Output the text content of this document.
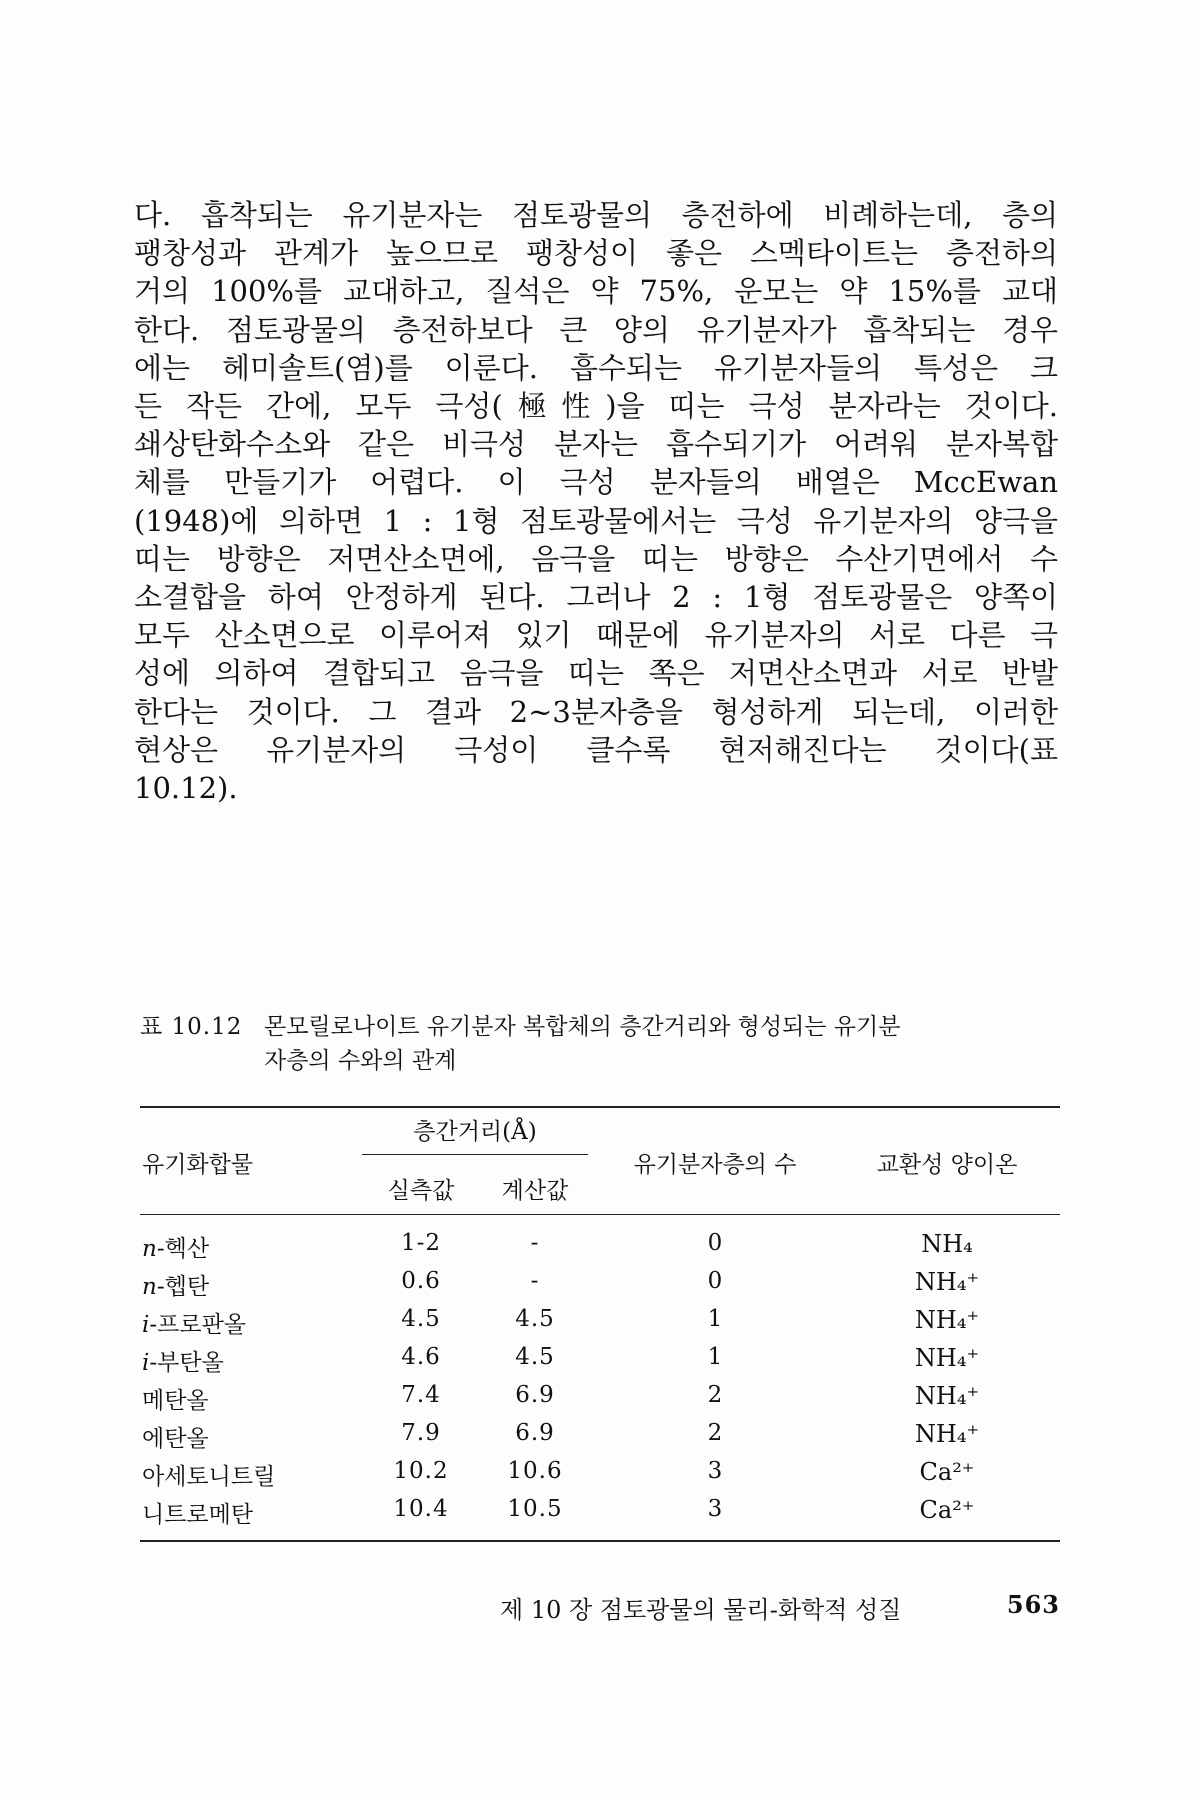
다. 흡착되는 유기분자는 점토광물의 층전하에 비례하는데, 층의
팽창성과 관계가 높으므로 팽창성이 좋은 스멕타이트는 층전하의
거의 100%를 교대하고, 질석은 약 75%, 운모는 약 15%를 교대
한다. 점토광물의 층전하보다 큰 양의 유기분자가 흡착되는 경우
에는 헤미솔트(염)를 이룬다. 흡수되는 유기분자들의 특성은 크
든 작든 간에, 모두 극성(極性)을 띠는 극성 분자라는 것이다.
쇄상탄화수소와 같은 비극성 분자는 흡수되기가 어려워 분자복합
체를 만들기가 어렵다. 이 극성 분자들의 배열은 MccEwan
(1948)에 의하면 1 : 1형 점토광물에서는 극성 유기분자의 양극을
띠는 방향은 저면산소면에, 음극을 띠는 방향은 수산기면에서 수
소결합을 하여 안정하게 된다. 그러나 2 : 1형 점토광물은 양쪽이
모두 산소면으로 이루어져 있기 때문에 유기분자의 서로 다른 극
성에 의하여 결합되고 음극을 띠는 쪽은 저면산소면과 서로 반발
한다는 것이다. 그 결과 2~3분자층을 형성하게 되는데, 이러한
현상은 유기분자의 극성이 클수록 현저해진다는 것이다(표
10.12).
표 10.12 몬모릴로나이트 유기분자 복합체의 층간거리와 형성되는 유기분
자층의 수와의 관계
유기화합물
층간거리(Å)
실측값	계산값
유기분자층의 수	교환성 양이온
n-헥산	1-2	-	0	NH₄
n-헵탄	0.6	-	0	NH₄⁺
i-프로판올	4.5	4.5	1	NH₄⁺
i-부탄올	4.6	4.5	1	NH₄⁺
메탄올	7.4	6.9	2	NH₄⁺
에탄올	7.9	6.9	2	NH₄⁺
아세토니트릴	10.2	10.6	3	Ca²⁺
니트로메탄	10.4	10.5	3	Ca²⁺
제 10 장 점토광물의 물리-화학적 성질	563
